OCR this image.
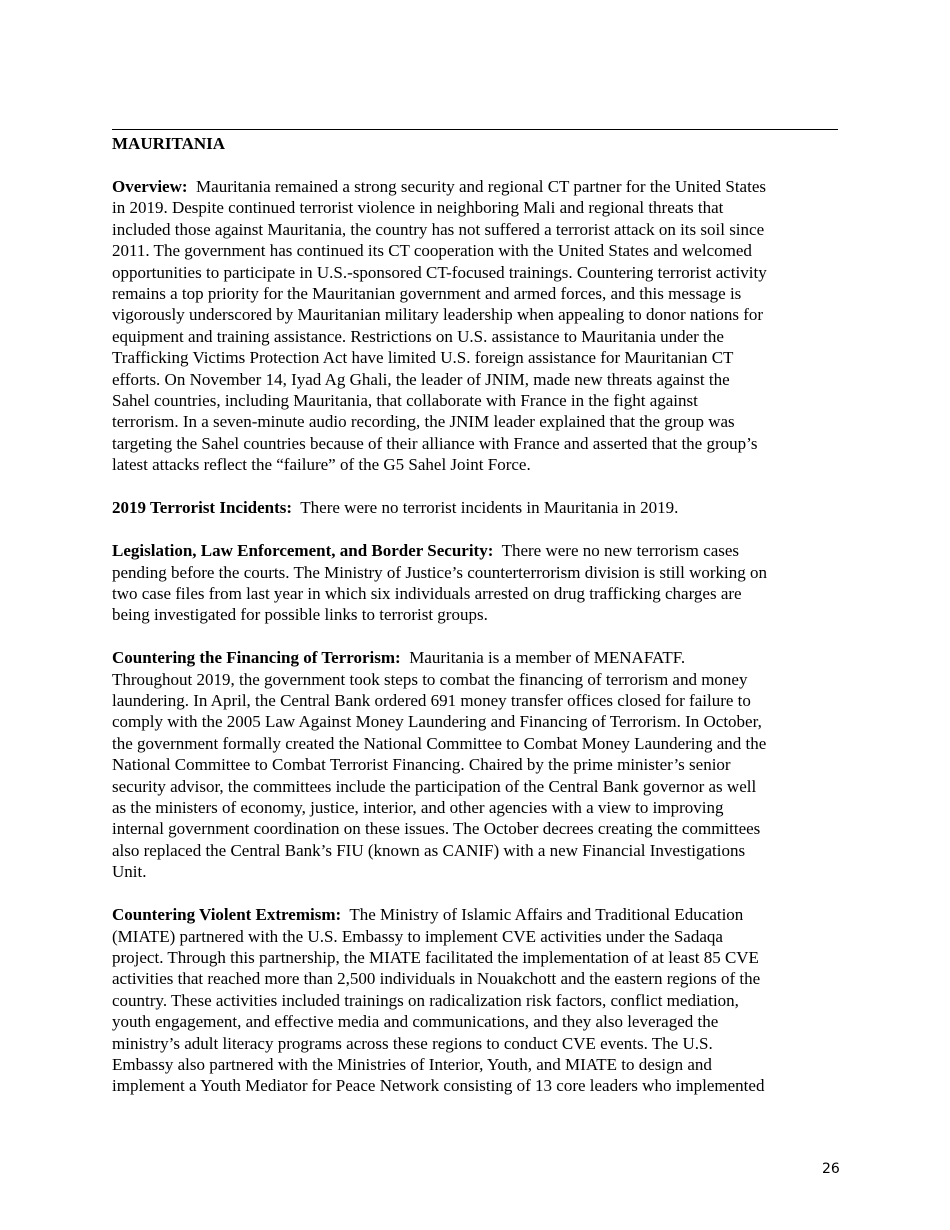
MAURITANIA

Overview: Mauritania remained a strong security and regional CT partner for the United States
in 2019. Despite continued terrorist violence in neighboring Mali and regional threats that
included those against Mauritania, the country has not suffered a terrorist attack on its soil since
2011. The government has continued its CT cooperation with the United States and welcomed
opportunities to participate in U.S.-sponsored CT-focused trainings. Countering terrorist activity
remains a top priority for the Mauritanian government and armed forces, and this message is
vigorously underscored by Mauritanian military leadership when appealing to donor nations for
equipment and training assistance. Restrictions on U.S. assistance to Mauritania under the
Trafficking Victims Protection Act have limited U.S. foreign assistance for Mauritanian CT
efforts. On November 14, Iyad Ag Ghali, the leader of JNIM, made new threats against the
Sahel countries, including Mauritania, that collaborate with France in the fight against
terrorism. In a seven-minute audio recording, the JNIM leader explained that the group was
targeting the Sahel countries because of their alliance with France and asserted that the group’s
latest attacks reflect the “failure” of the G5 Sahel Joint Force.

2019 Terrorist Incidents: There were no terrorist incidents in Mauritania in 2019.

Legislation, Law Enforcement, and Border Security: There were no new terrorism cases
pending before the courts. The Ministry of Justice’s counterterrorism division is still working on
two case files from last year in which six individuals arrested on drug trafficking charges are
being investigated for possible links to terrorist groups.

Countering the Financing of Terrorism: Mauritania is a member of MENAFATF.
Throughout 2019, the government took steps to combat the financing of terrorism and money
laundering. In April, the Central Bank ordered 691 money transfer offices closed for failure to
comply with the 2005 Law Against Money Laundering and Financing of Terrorism. In October,
the government formally created the National Committee to Combat Money Laundering and the
National Committee to Combat Terrorist Financing. Chaired by the prime minister’s senior
security advisor, the committees include the participation of the Central Bank governor as well
as the ministers of economy, justice, interior, and other agencies with a view to improving
internal government coordination on these issues. The October decrees creating the committees
also replaced the Central Bank’s FIU (known as CANIF) with a new Financial Investigations
Unit.

Countering Violent Extremism: The Ministry of Islamic Affairs and Traditional Education
(MIATE) partnered with the U.S. Embassy to implement CVE activities under the Sadaqa
project. Through this partnership, the MIATE facilitated the implementation of at least 85 CVE
activities that reached more than 2,500 individuals in Nouakchott and the eastern regions of the
country. These activities included trainings on radicalization risk factors, conflict mediation,
youth engagement, and effective media and communications, and they also leveraged the
ministry’s adult literacy programs across these regions to conduct CVE events. The U.S.
Embassy also partnered with the Ministries of Interior, Youth, and MIATE to design and
implement a Youth Mediator for Peace Network consisting of 13 core leaders who implemented

26
